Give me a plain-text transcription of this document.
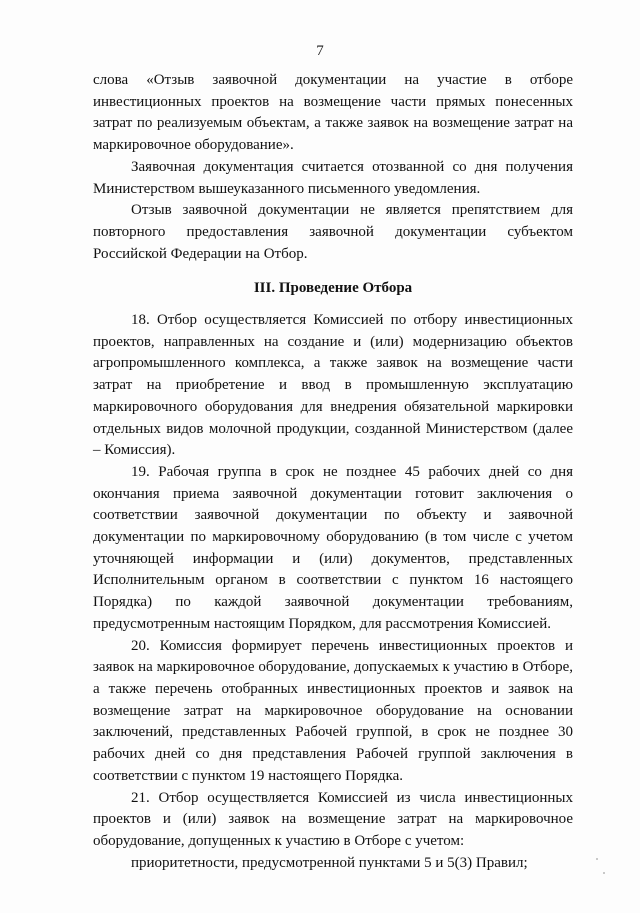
7

слова «Отзыв заявочной документации на участие в отборе инвестиционных проектов на возмещение части прямых понесенных затрат по реализуемым объектам, а также заявок на возмещение затрат на маркировочное оборудование».

Заявочная документация считается отозванной со дня получения Министерством вышеуказанного письменного уведомления.

Отзыв заявочной документации не является препятствием для повторного предоставления заявочной документации субъектом Российской Федерации на Отбор.

III. Проведение Отбора

18. Отбор осуществляется Комиссией по отбору инвестиционных проектов, направленных на создание и (или) модернизацию объектов агропромышленного комплекса, а также заявок на возмещение части затрат на приобретение и ввод в промышленную эксплуатацию маркировочного оборудования для внедрения обязательной маркировки отдельных видов молочной продукции, созданной Министерством (далее – Комиссия).

19. Рабочая группа в срок не позднее 45 рабочих дней со дня окончания приема заявочной документации готовит заключения о соответствии заявочной документации по объекту и заявочной документации по маркировочному оборудованию (в том числе с учетом уточняющей информации и (или) документов, представленных Исполнительным органом в соответствии с пунктом 16 настоящего Порядка) по каждой заявочной документации требованиям, предусмотренным настоящим Порядком, для рассмотрения Комиссией.

20. Комиссия формирует перечень инвестиционных проектов и заявок на маркировочное оборудование, допускаемых к участию в Отборе, а также перечень отобранных инвестиционных проектов и заявок на возмещение затрат на маркировочное оборудование на основании заключений, представленных Рабочей группой, в срок не позднее 30 рабочих дней со дня представления Рабочей группой заключения в соответствии с пунктом 19 настоящего Порядка.

21. Отбор осуществляется Комиссией из числа инвестиционных проектов и (или) заявок на возмещение затрат на маркировочное оборудование, допущенных к участию в Отборе с учетом:

приоритетности, предусмотренной пунктами 5 и 5(3) Правил;
